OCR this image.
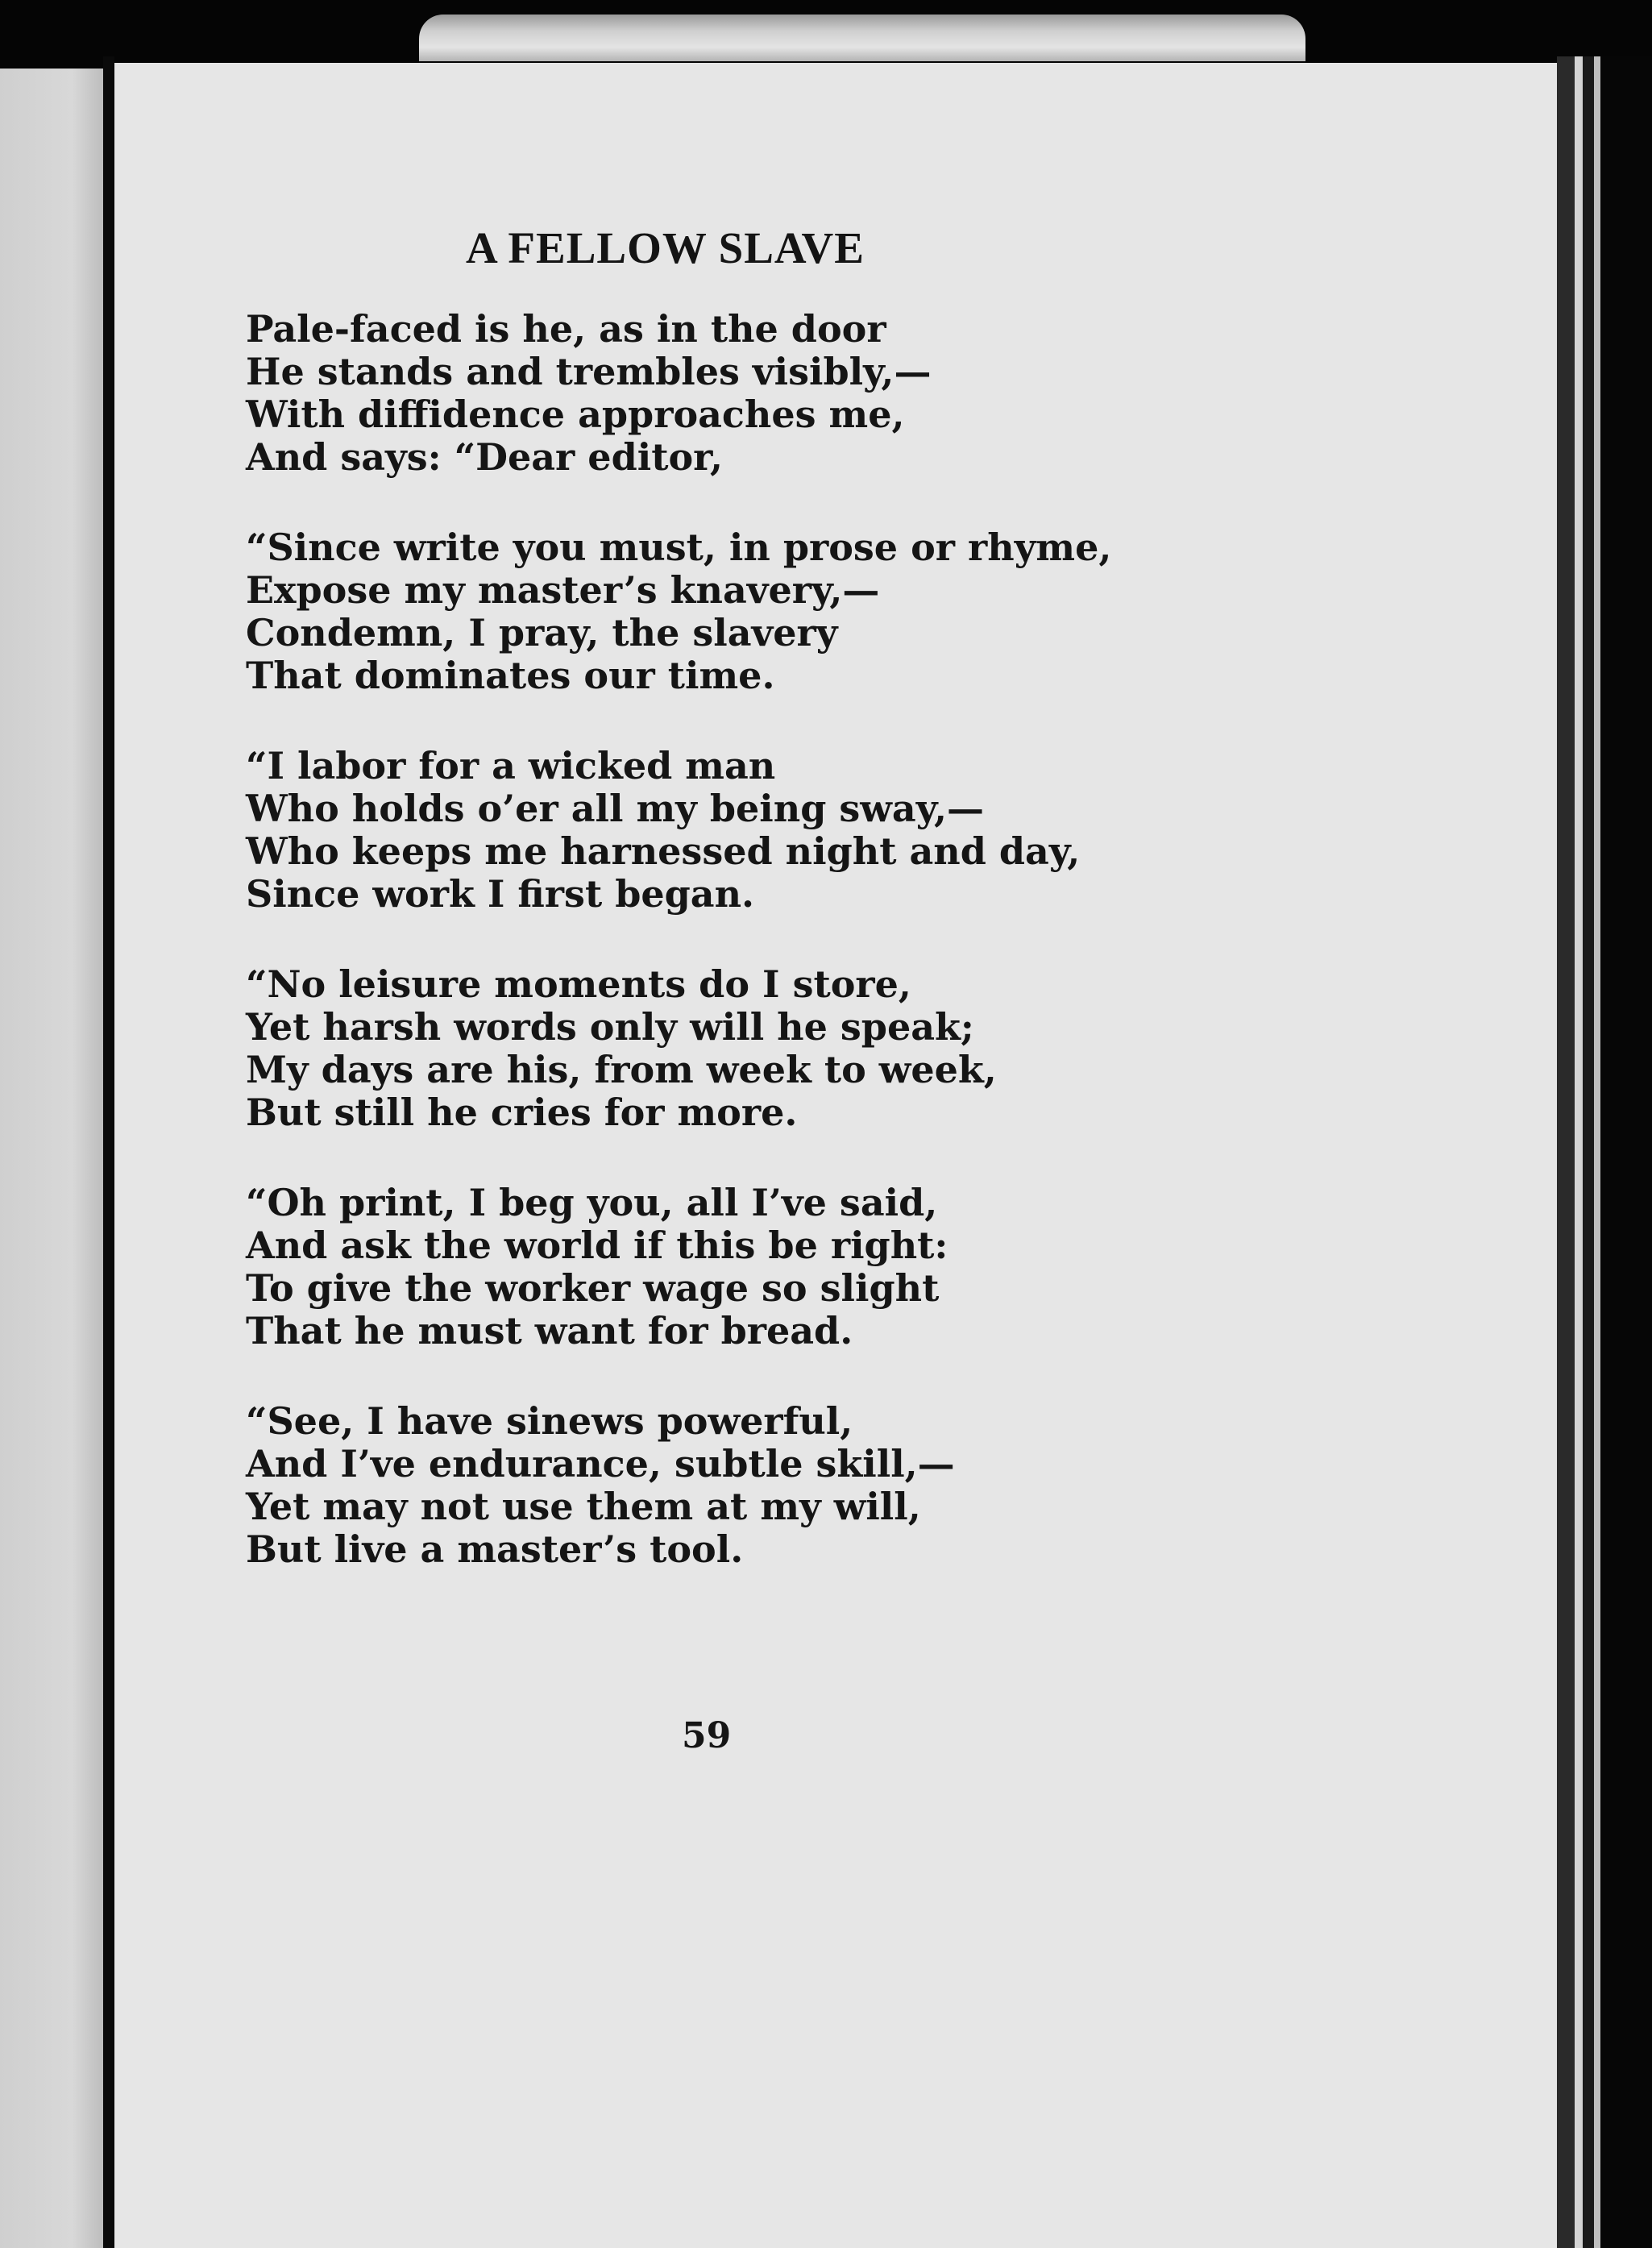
A FELLOW SLAVE
Pale-faced is he, as in the door
He stands and trembles visibly,—
With diffidence approaches me,
And says: “Dear editor,
“Since write you must, in prose or rhyme,
Expose my master’s knavery,—
Condemn, I pray, the slavery
That dominates our time.
“I labor for a wicked man
Who holds o’er all my being sway,—
Who keeps me harnessed night and day,
Since work I first began.
“No leisure moments do I store,
Yet harsh words only will he speak;
My days are his, from week to week,
But still he cries for more.
“Oh print, I beg you, all I’ve said,
And ask the world if this be right:
To give the worker wage so slight
That he must want for bread.
“See, I have sinews powerful,
And I’ve endurance, subtle skill,—
Yet may not use them at my will,
But live a master’s tool.
59
